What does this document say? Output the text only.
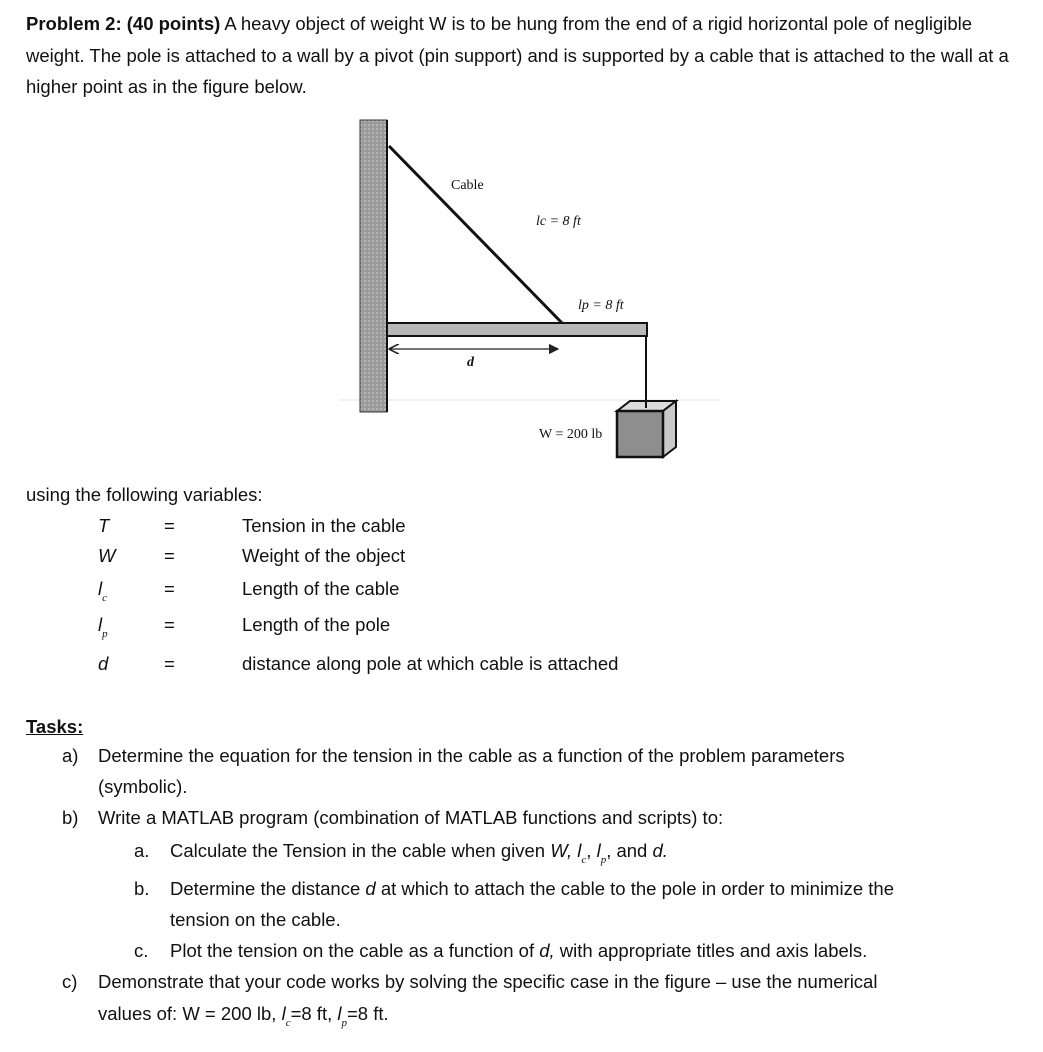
Problem 2: (40 points) A heavy object of weight W is to be hung from the end of a rigid horizontal pole of negligible weight. The pole is attached to a wall by a pivot (pin support) and is supported by a cable that is attached to the wall at a higher point as in the figure below.
Cable
lc = 8 ft
lp = 8 ft
d
W = 200 lb
using the following variables:
T	=	Tension in the cable
W	=	Weight of the object
$l_c$	=	Length of the cable
$l_p$	=	Length of the pole
d	=	distance along pole at which cable is attached
Tasks:
a) Determine the equation for the tension in the cable as a function of the problem parameters
(symbolic).
b) Write a MATLAB program (combination of MATLAB functions and scripts) to:
a. Calculate the Tension in the cable when given W, $l_c$, $l_p$, and d.
b. Determine the distance d at which to attach the cable to the pole in order to minimize the
tension on the cable.
c. Plot the tension on the cable as a function of d, with appropriate titles and axis labels.
c) Demonstrate that your code works by solving the specific case in the figure – use the numerical
values of: W = 200 lb, $l_c=8$ ft, $l_p=8$ ft.
